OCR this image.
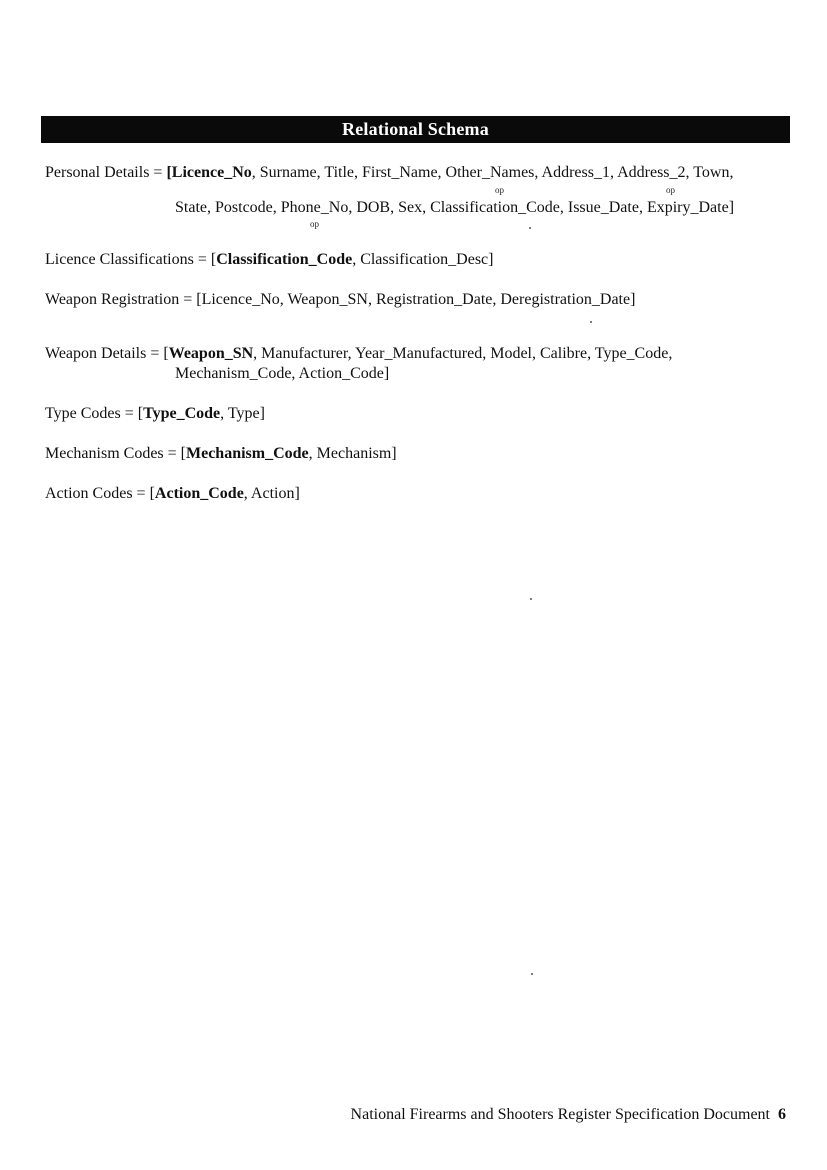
Relational Schema
Personal Details = [Licence_No, Surname, Title, First_Name, Other_Names, Address_1, Address_2, Town,
op	op
State, Postcode, Phone_No, DOB, Sex, Classification_Code, Issue_Date, Expiry_Date]
op
Licence Classifications = [Classification_Code, Classification_Desc]
Weapon Registration = [Licence_No, Weapon_SN, Registration_Date, Deregistration_Date]
Weapon Details = [Weapon_SN, Manufacturer, Year_Manufactured, Model, Calibre, Type_Code,
Mechanism_Code, Action_Code]
Type Codes = [Type_Code, Type]
Mechanism Codes = [Mechanism_Code, Mechanism]
Action Codes = [Action_Code, Action]
National Firearms and Shooters Register Specification Document 6
